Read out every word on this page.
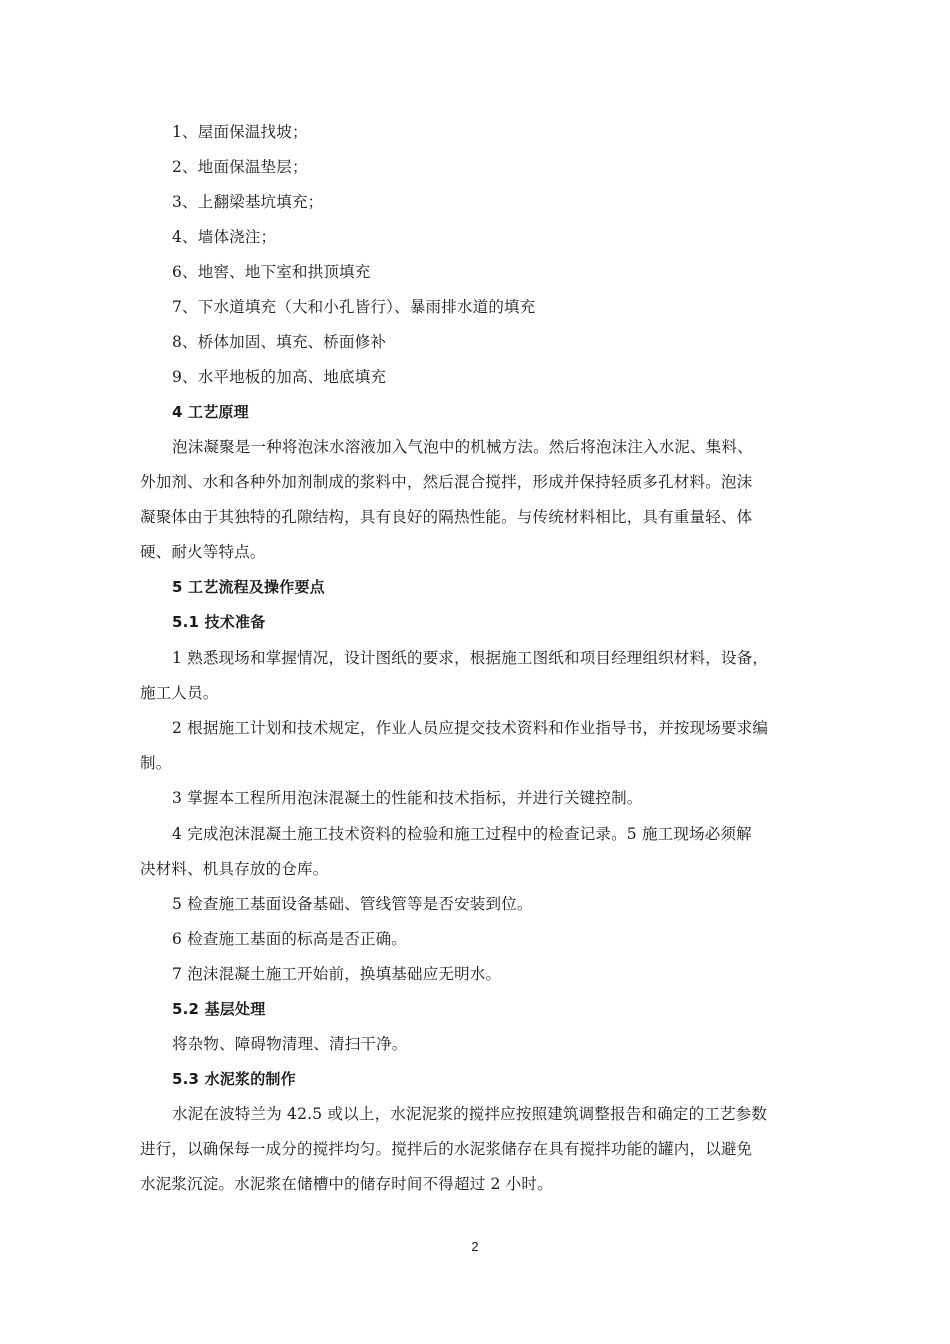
1、屋面保温找坡；
2、地面保温垫层；
3、上翻梁基坑填充；
4、墙体浇注；
6、地窖、地下室和拱顶填充
7、下水道填充（大和小孔皆行）、暴雨排水道的填充
8、桥体加固、填充、桥面修补
9、水平地板的加高、地底填充
4 工艺原理
泡沫凝聚是一种将泡沫水溶液加入气泡中的机械方法。然后将泡沫注入水泥、集料、
外加剂、水和各种外加剂制成的浆料中，然后混合搅拌，形成并保持轻质多孔材料。泡沫
凝聚体由于其独特的孔隙结构，具有良好的隔热性能。与传统材料相比，具有重量轻、体
硬、耐火等特点。
5 工艺流程及操作要点
5.1 技术准备
1 熟悉现场和掌握情况，设计图纸的要求，根据施工图纸和项目经理组织材料，设备，
施工人员。
2 根据施工计划和技术规定，作业人员应提交技术资料和作业指导书，并按现场要求编
制。
3 掌握本工程所用泡沫混凝土的性能和技术指标，并进行关键控制。
4 完成泡沫混凝土施工技术资料的检验和施工过程中的检查记录。5 施工现场必须解
决材料、机具存放的仓库。
5 检查施工基面设备基础、管线管等是否安装到位。
6 检查施工基面的标高是否正确。
7 泡沫混凝土施工开始前，换填基础应无明水。
5.2 基层处理
将杂物、障碍物清理、清扫干净。
5.3 水泥浆的制作
水泥在波特兰为 42.5 或以上，水泥泥浆的搅拌应按照建筑调整报告和确定的工艺参数
进行，以确保每一成分的搅拌均匀。搅拌后的水泥浆储存在具有搅拌功能的罐内，以避免
水泥浆沉淀。水泥浆在储槽中的储存时间不得超过 2 小时。
2
